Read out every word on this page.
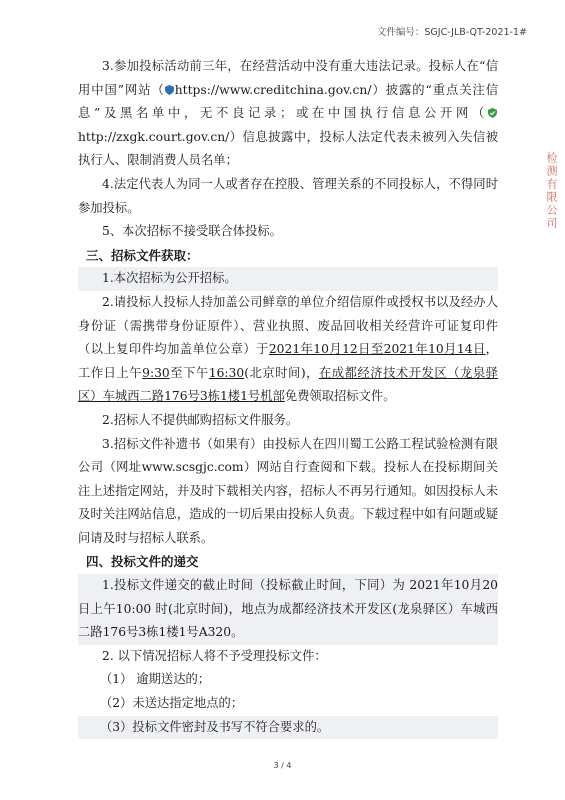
文件编号：SGJC-JLB-QT-2021-1#
检测有限公司

3.参加投标活动前三年，在经营活动中没有重大违法记录。投标人在“信用中国”网站（ https://www.creditchina.gov.cn/）披露的“重点关注信息”及黑名单中，无不良记录；或在中国执行信息公开网（http://zxgk.court.gov.cn/）信息披露中，投标人法定代表未被列入失信被执行人、限制消费人员名单；

4.法定代表人为同一人或者存在控股、管理关系的不同投标人，不得同时参加投标。

5、本次招标不接受联合体投标。

三、招标文件获取：

1.本次招标为公开招标。

2.请投标人投标人持加盖公司鲜章的单位介绍信原件或授权书以及经办人身份证（需携带身份证原件）、营业执照、废品回收相关经营许可证复印件（以上复印件均加盖单位公章）于2021年10月12日至2021年10月14日，工作日上午9:30至下午16:30(北京时间)，在成都经济技术开发区（龙泉驿区）车城西二路176号3栋1楼1号机部免费领取招标文件。

2.招标人不提供邮购招标文件服务。

3.招标文件补遗书（如果有）由投标人在四川蜀工公路工程试验检测有限公司（网址www.scsgjc.com）网站自行查阅和下载。投标人在投标期间关注上述指定网站，并及时下载相关内容，招标人不再另行通知。如因投标人未及时关注网站信息，造成的一切后果由投标人负责。下载过程中如有问题或疑问请及时与招标人联系。

四、投标文件的递交

1.投标文件递交的截止时间（投标截止时间，下同）为 2021年10月20日上午10:00 时(北京时间)，地点为成都经济技术开发区(龙泉驿区）车城西二路176号3栋1楼1号A320。

2. 以下情况招标人将不予受理投标文件：

（1） 逾期送达的；

（2）未送达指定地点的；

（3）投标文件密封及书写不符合要求的。

3 / 4
